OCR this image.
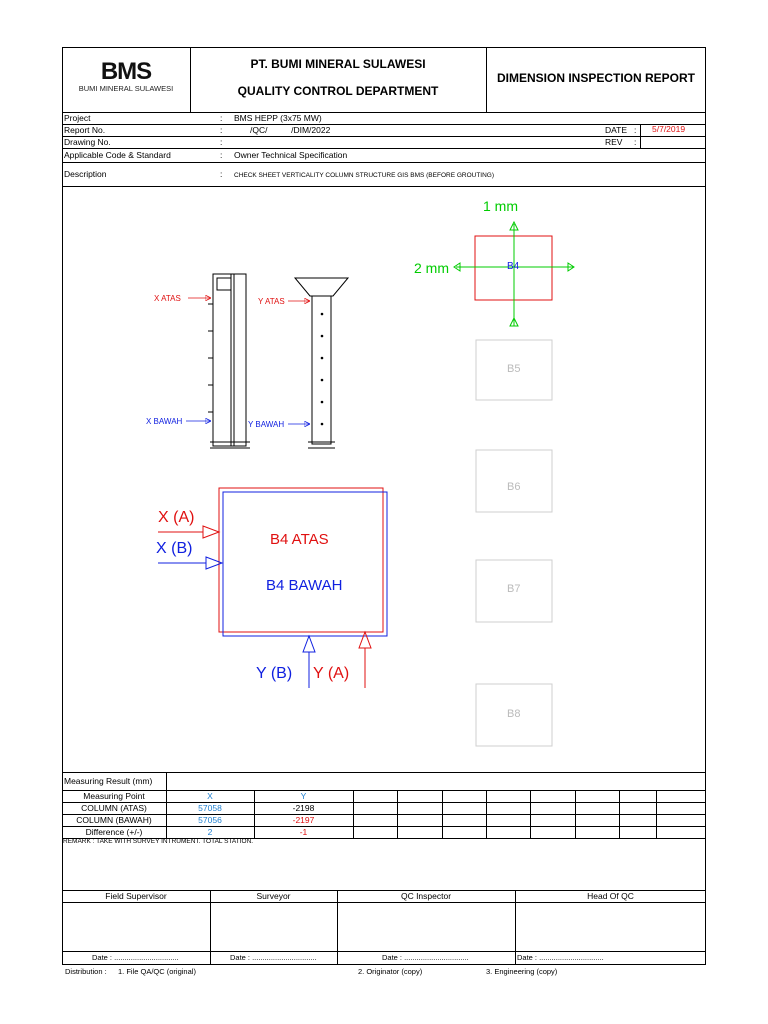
BMS
BUMI MINERAL SULAWESI
PT. BUMI MINERAL SULAWESI
QUALITY CONTROL DEPARTMENT
DIMENSION INSPECTION REPORT
Project	: BMS HEPP (3x75 MW)
Report No.	:	/QC/          /DIM/2022	DATE : 5/7/2019
Drawing No.	:	REV :
Applicable Code & Standard	: Owner Technical Specification
Description	: CHECK SHEET VERTICALITY COLUMN STRUCTURE GIS BMS (BEFORE GROUTING)
X ATAS
X BAWAH
Y ATAS
Y BAWAH
1 mm
2 mm	B4
B5
B6
B7
B8
B4 ATAS
B4 BAWAH
X (A)
X (B)
Y (B) Y (A)
Measuring Result (mm)
Measuring Point	X	Y
COLUMN (ATAS)	57058	-2198
COLUMN (BAWAH)	57056	-2197
Difference (+/-)	2	-1
REMARK : TAKE WITH SURVEY INTRUMENT. TOTAL STATION.
Field Supervisor	Surveyor	QC Inspector	Head Of QC
Date : ...............................	Date : ...............................	Date : ...............................	Date : ...............................
Distribution : 1. File QA/QC (original)	2. Originator (copy)	3. Engineering (copy)
